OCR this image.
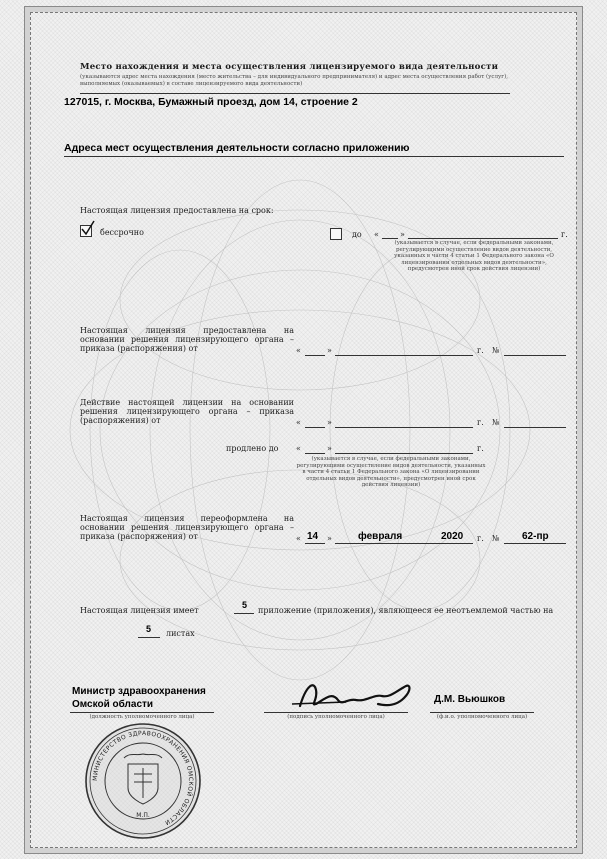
Место нахождения и места осуществления лицензируемого вида деятельности
(указываются адрес места нахождения (место жительства – для индивидуального предпринимателя) и адрес места осуществления работ (услуг), выполняемых (оказываемых) в составе лицензируемого вида деятельности)
127015, г. Москва, Бумажный проезд, дом 14, строение 2
Адреса мест осуществления деятельности согласно приложению
Настоящая лицензия предоставлена на срок:
бессрочно	до «	»	г.
(указывается в случае, если федеральными законами, регулирующими осуществление видов деятельности, указанных в части 4 статьи 1 Федерального закона «О лицензировании отдельных видов деятельности», предусмотрен иной срок действия лицензии)
Настоящая лицензия предоставлена на основании решения лицензирующего органа – приказа (распоряжения) от	«	»	г. №
Действие настоящей лицензии на основании решения лицензирующего органа – приказа (распоряжения) от	«	»	г. №
продлено до «	»	г.
(указывается в случае, если федеральными законами, регулирующими осуществление видов деятельности, указанных в части 4 статьи 1 Федерального закона «О лицензировании отдельных видов деятельности», предусмотрен иной срок действия лицензии)
Настоящая лицензия переоформлена на основании решения лицензирующего органа – приказа (распоряжения) от	« 14 »	февраля	2020 г. № 62-пр
Настоящая лицензия имеет
5
приложение (приложения), являющееся ее неотъемлемой частью на
5 листах
Министр здравоохранения
Омской области
(должность уполномоченного лица)	(подпись уполномоченного лица)
Д.М. Вьюшков
(ф.и.о. уполномоченного лица)
МИНИСТЕРСТВО ЗДРАВООХРАНЕНИЯ ОМСКОЙ ОБЛАСТИ
М.П.
